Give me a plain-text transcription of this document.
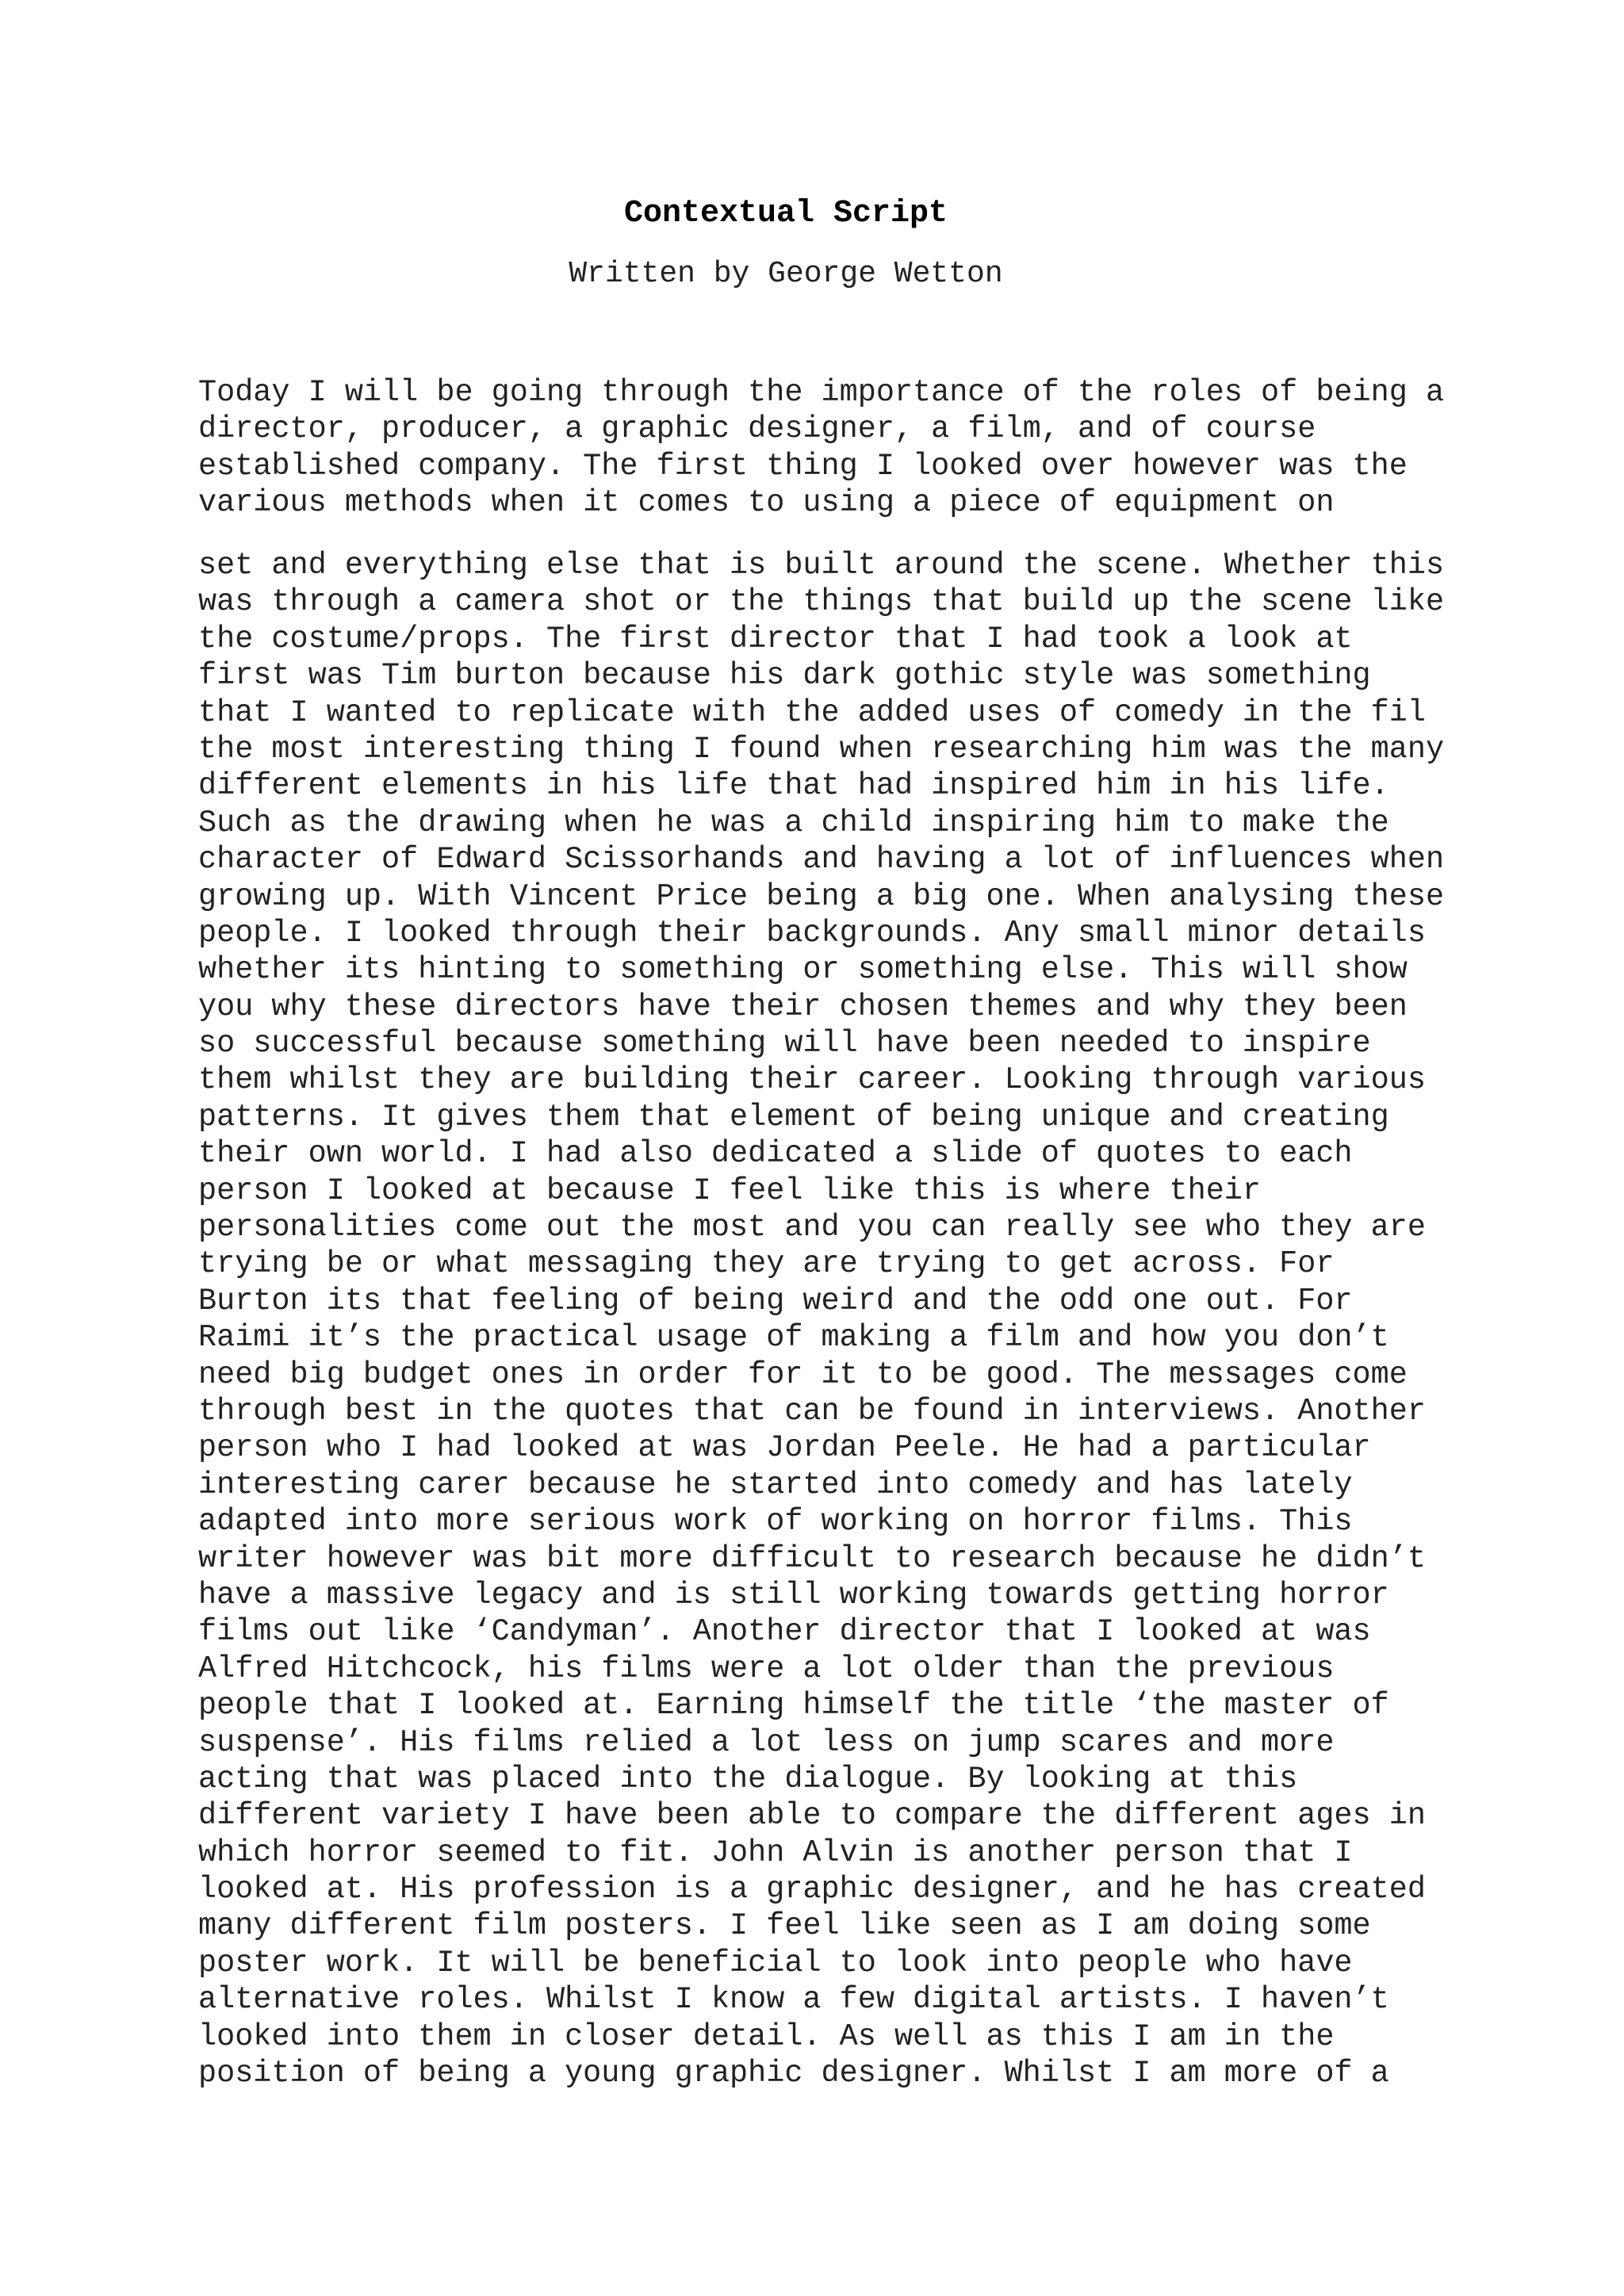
Contextual Script

Written by George Wetton

Today I will be going through the importance of the roles of being a
director, producer, a graphic designer, a film, and of course
established company. The first thing I looked over however was the
various methods when it comes to using a piece of equipment on
set and everything else that is built around the scene. Whether this
was through a camera shot or the things that build up the scene like
the costume/props. The first director that I had took a look at
first was Tim burton because his dark gothic style was something
that I wanted to replicate with the added uses of comedy in the fil
the most interesting thing I found when researching him was the many
different elements in his life that had inspired him in his life.
Such as the drawing when he was a child inspiring him to make the
character of Edward Scissorhands and having a lot of influences when
growing up. With Vincent Price being a big one. When analysing these
people. I looked through their backgrounds. Any small minor details
whether its hinting to something or something else. This will show
you why these directors have their chosen themes and why they been
so successful because something will have been needed to inspire
them whilst they are building their career. Looking through various
patterns. It gives them that element of being unique and creating
their own world. I had also dedicated a slide of quotes to each
person I looked at because I feel like this is where their
personalities come out the most and you can really see who they are
trying be or what messaging they are trying to get across. For
Burton its that feeling of being weird and the odd one out. For
Raimi it’s the practical usage of making a film and how you don’t
need big budget ones in order for it to be good. The messages come
through best in the quotes that can be found in interviews. Another
person who I had looked at was Jordan Peele. He had a particular
interesting carer because he started into comedy and has lately
adapted into more serious work of working on horror films. This
writer however was bit more difficult to research because he didn’t
have a massive legacy and is still working towards getting horror
films out like ‘Candyman’. Another director that I looked at was
Alfred Hitchcock, his films were a lot older than the previous
people that I looked at. Earning himself the title ‘the master of
suspense’. His films relied a lot less on jump scares and more
acting that was placed into the dialogue. By looking at this
different variety I have been able to compare the different ages in
which horror seemed to fit. John Alvin is another person that I
looked at. His profession is a graphic designer, and he has created
many different film posters. I feel like seen as I am doing some
poster work. It will be beneficial to look into people who have
alternative roles. Whilst I know a few digital artists. I haven’t
looked into them in closer detail. As well as this I am in the
position of being a young graphic designer. Whilst I am more of a
